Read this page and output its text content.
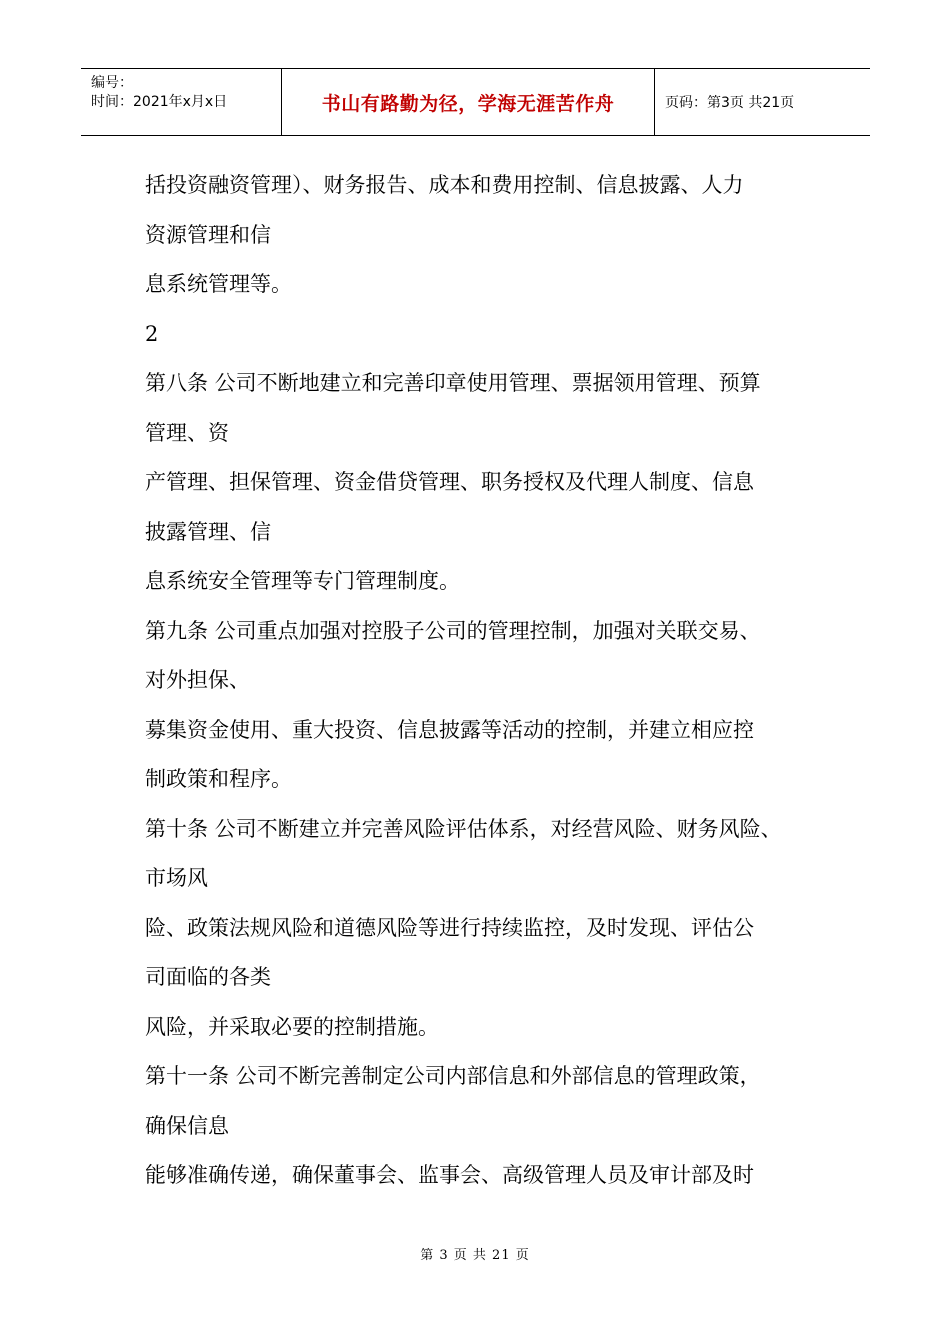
编号：
时间：2021年x月x日	书山有路勤为径，学海无涯苦作舟	页码：第3页 共21页
括投资融资管理）、财务报告、成本和费用控制、信息披露、人力
资源管理和信
息系统管理等。
2
第八条 公司不断地建立和完善印章使用管理、票据领用管理、预算
管理、资
产管理、担保管理、资金借贷管理、职务授权及代理人制度、信息
披露管理、信
息系统安全管理等专门管理制度。
第九条 公司重点加强对控股子公司的管理控制，加强对关联交易、
对外担保、
募集资金使用、重大投资、信息披露等活动的控制，并建立相应控
制政策和程序。
第十条 公司不断建立并完善风险评估体系，对经营风险、财务风险、
市场风
险、政策法规风险和道德风险等进行持续监控，及时发现、评估公
司面临的各类
风险，并采取必要的控制措施。
第十一条 公司不断完善制定公司内部信息和外部信息的管理政策，
确保信息
能够准确传递，确保董事会、监事会、高级管理人员及审计部及时
第 3 页 共 21 页
